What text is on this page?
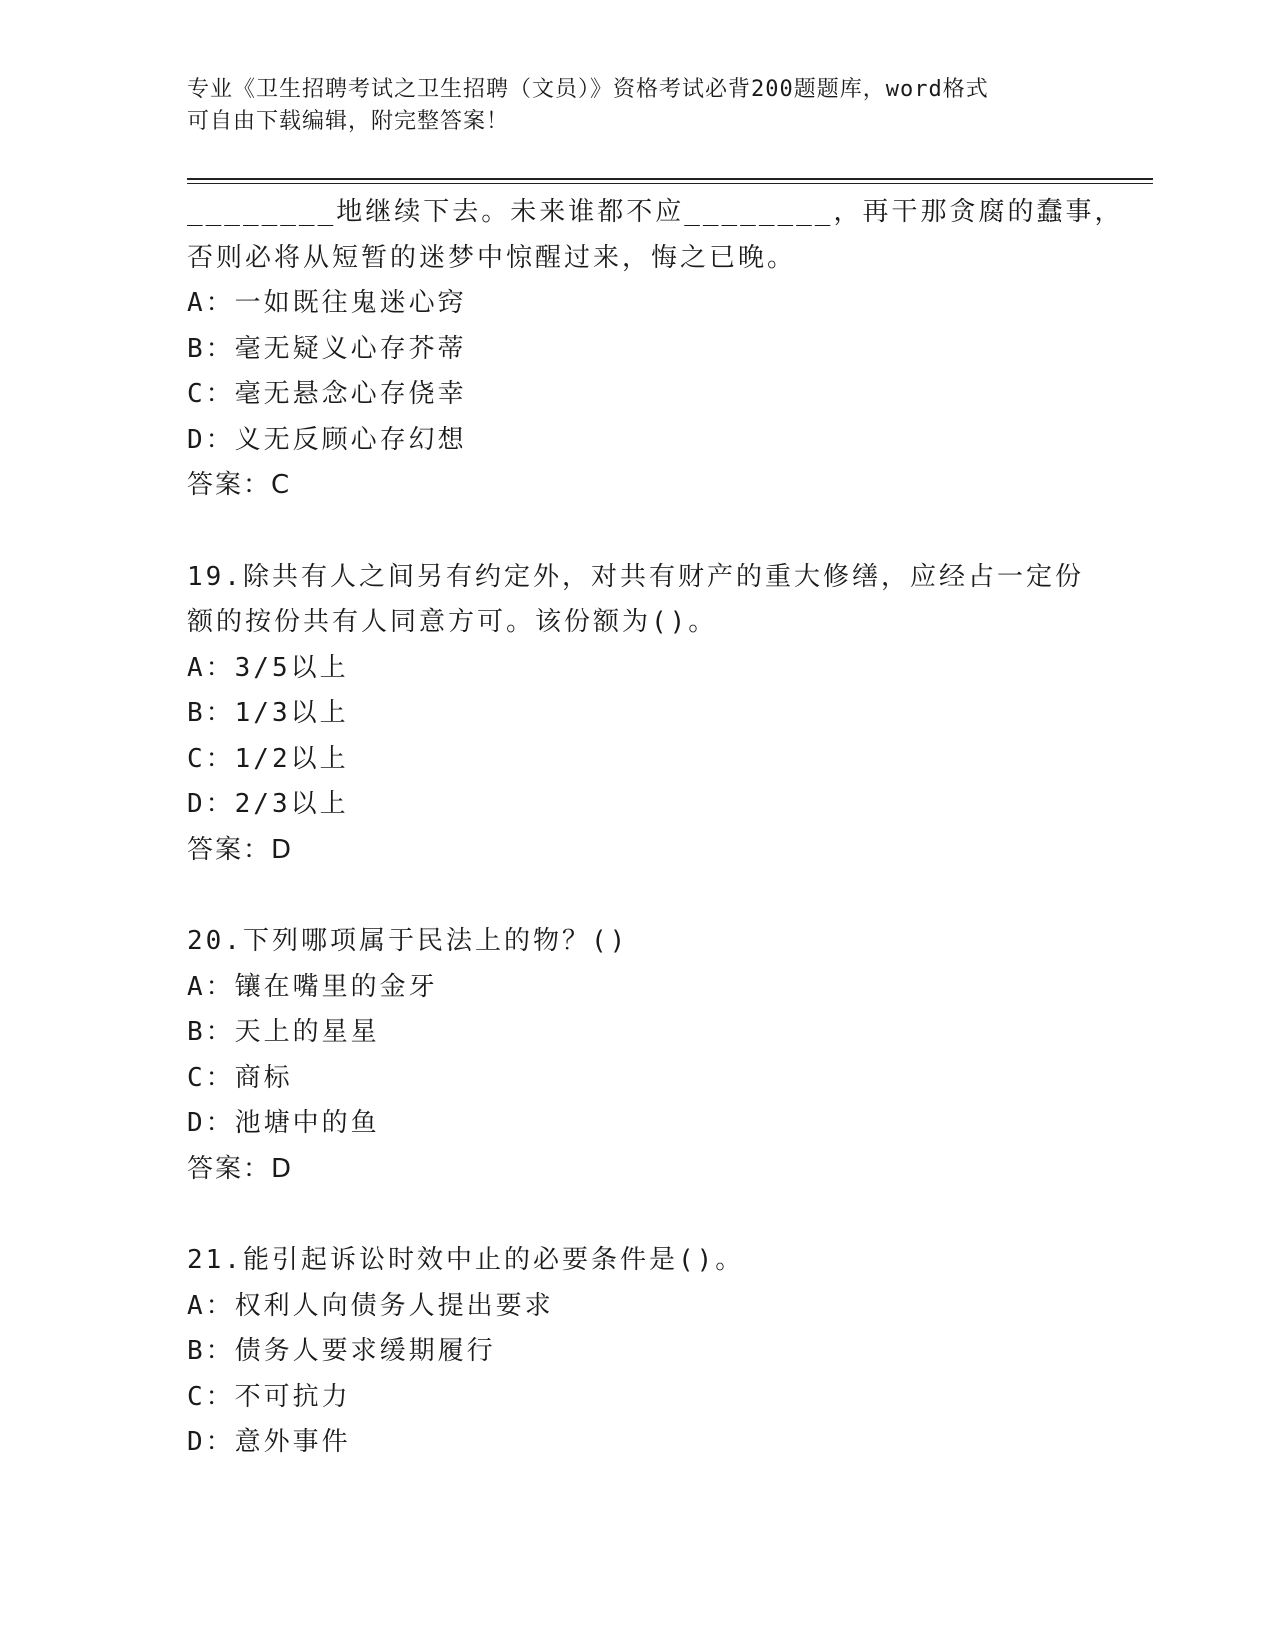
专业《卫生招聘考试之卫生招聘（文员）》资格考试必背200题题库，word格式

可自由下载编辑，附完整答案！

________地继续下去。未来谁都不应________，再干那贪腐的蠢事，
否则必将从短暂的迷梦中惊醒过来，悔之已晚。
A：一如既往鬼迷心窍
B：毫无疑义心存芥蒂
C：毫无悬念心存侥幸
D：义无反顾心存幻想
答案：C
19.除共有人之间另有约定外，对共有财产的重大修缮，应经占一定份
额的按份共有人同意方可。该份额为()。
A：3/5以上
B：1/3以上
C：1/2以上
D：2/3以上
答案：D
20.下列哪项属于民法上的物？()
A：镶在嘴里的金牙
B：天上的星星
C：商标
D：池塘中的鱼
答案：D
21.能引起诉讼时效中止的必要条件是()。
A：权利人向债务人提出要求
B：债务人要求缓期履行
C：不可抗力
D：意外事件
